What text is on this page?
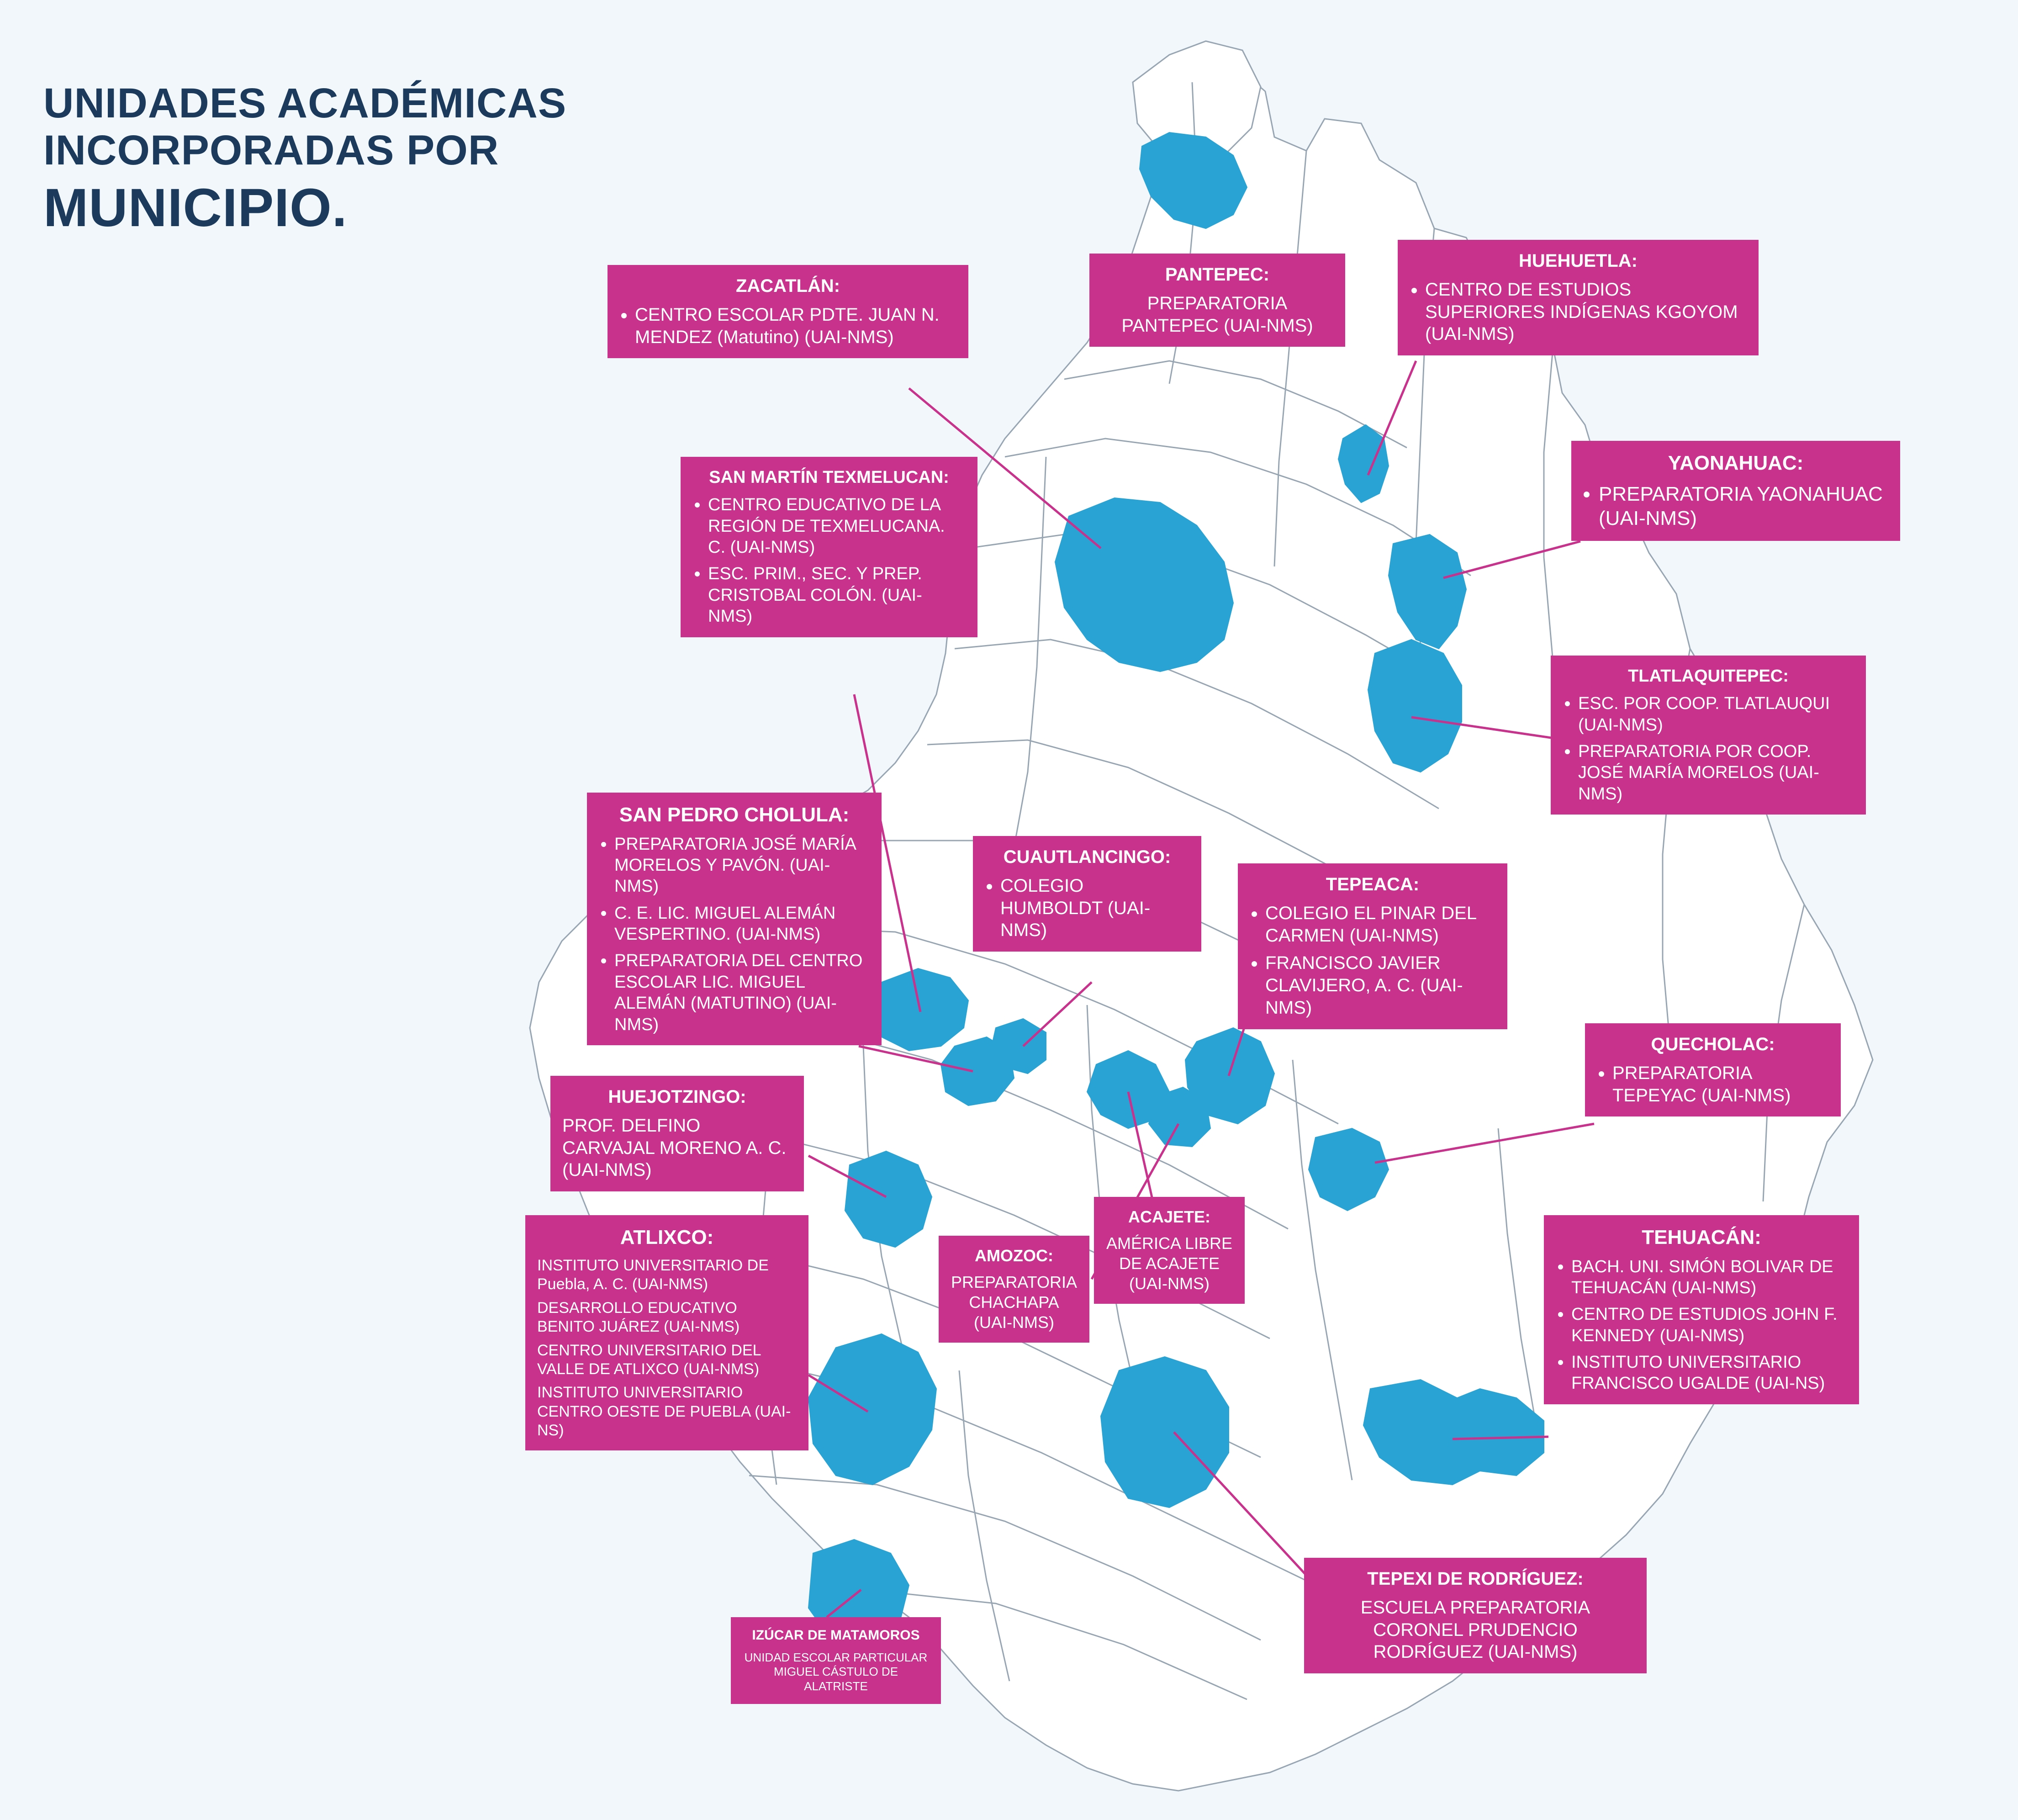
UNIDADES ACADÉMICAS
INCORPORADAS POR
MUNICIPIO.
ZACATLÁN:
• CENTRO ESCOLAR PDTE. JUAN N. MENDEZ (Matutino) (UAI-NMS)
PANTEPEC:

PREPARATORIA PANTEPEC (UAI-NMS)

HUEHUETLA:
• CENTRO DE ESTUDIOS SUPERIORES INDÍGENAS KGOYOM (UAI-NMS)
YAONAHUAC:
• PREPARATORIA YAONAHUAC (UAI-NMS)
SAN MARTÍN TEXMELUCAN:
• CENTRO EDUCATIVO DE LA REGIÓN DE TEXMELUCANA. C. (UAI-NMS)
• ESC. PRIM., SEC. Y PREP. CRISTOBAL COLÓN. (UAI-NMS)
TLATLAQUITEPEC:
• ESC. POR COOP. TLATLAUQUI (UAI-NMS)
• PREPARATORIA POR COOP. JOSÉ MARÍA MORELOS (UAI-NMS)
SAN PEDRO CHOLULA:
• PREPARATORIA JOSÉ MARÍA MORELOS Y PAVÓN. (UAI-NMS)
• C. E. LIC. MIGUEL ALEMÁN VESPERTINO. (UAI-NMS)
• PREPARATORIA DEL CENTRO ESCOLAR LIC. MIGUEL ALEMÁN (MATUTINO) (UAI-NMS)
CUAUTLANCINGO:
• COLEGIO HUMBOLDT (UAI-NMS)
TEPEACA:
• COLEGIO EL PINAR DEL CARMEN (UAI-NMS)
• FRANCISCO JAVIER CLAVIJERO, A. C. (UAI-NMS)
QUECHOLAC:
• PREPARATORIA TEPEYAC (UAI-NMS)
HUEJOTZINGO:

PROF. DELFINO CARVAJAL MORENO A. C. (UAI-NMS)

ATLIXCO:

INSTITUTO UNIVERSITARIO DE Puebla, A. C. (UAI-NMS)

DESARROLLO EDUCATIVO BENITO JUÁREZ (UAI-NMS)

CENTRO UNIVERSITARIO DEL VALLE DE ATLIXCO (UAI-NMS)

INSTITUTO UNIVERSITARIO CENTRO OESTE DE PUEBLA (UAI-NS)

AMOZOC:

PREPARATORIA CHACHAPA (UAI-NMS)

ACAJETE:

AMÉRICA LIBRE DE ACAJETE (UAI-NMS)

TEHUACÁN:
• BACH. UNI. SIMÓN BOLIVAR DE TEHUACÁN (UAI-NMS)
• CENTRO DE ESTUDIOS JOHN F. KENNEDY (UAI-NMS)
• INSTITUTO UNIVERSITARIO FRANCISCO UGALDE (UAI-NS)
IZÚCAR DE MATAMOROS

UNIDAD ESCOLAR PARTICULAR MIGUEL CÁSTULO DE ALATRISTE

TEPEXI DE RODRÍGUEZ:

ESCUELA PREPARATORIA CORONEL PRUDENCIO RODRÍGUEZ (UAI-NMS)
